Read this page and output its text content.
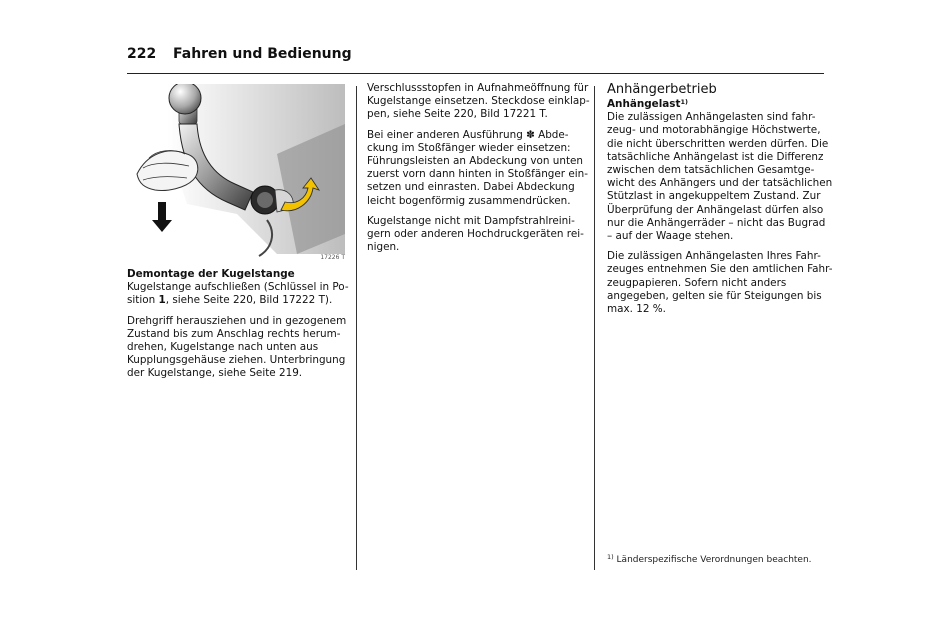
222 Fahren und Bedienung
17226 T
Demontage der Kugelstange

Kugelstange aufschließen (Schlüssel in Po-
sition 1, siehe Seite 220, Bild 17222 T).

Drehgriff herausziehen und in gezogenem
Zustand bis zum Anschlag rechts herum-
drehen, Kugelstange nach unten aus
Kupplungsgehäuse ziehen. Unterbringung
der Kugelstange, siehe Seite 219.

Verschlussstopfen in Aufnahmeöffnung für
Kugelstange einsetzen. Steckdose einklap-
pen, siehe Seite 220, Bild 17221 T.

Bei einer anderen Ausführung ✽ Abde-
ckung im Stoßfänger wieder einsetzen:
Führungsleisten an Abdeckung von unten
zuerst vorn dann hinten in Stoßfänger ein-
setzen und einrasten. Dabei Abdeckung
leicht bogenförmig zusammendrücken.

Kugelstange nicht mit Dampfstrahlreini-
gern oder anderen Hochdruckgeräten rei-
nigen.

Anhängerbetrieb
Anhängelast$^{1)}$

Die zulässigen Anhängelasten sind fahr-
zeug- und motorabhängige Höchstwerte,
die nicht überschritten werden dürfen. Die
tatsächliche Anhängelast ist die Differenz
zwischen dem tatsächlichen Gesamtge-
wicht des Anhängers und der tatsächlichen
Stützlast in angekuppeltem Zustand. Zur
Überprüfung der Anhängelast dürfen also
nur die Anhängerräder – nicht das Bugrad
– auf der Waage stehen.

Die zulässigen Anhängelasten Ihres Fahr-
zeuges entnehmen Sie den amtlichen Fahr-
zeugpapieren. Sofern nicht anders
angegeben, gelten sie für Steigungen bis
max. 12 %.

$^{1)}$ Länderspezifische Verordnungen beachten.
